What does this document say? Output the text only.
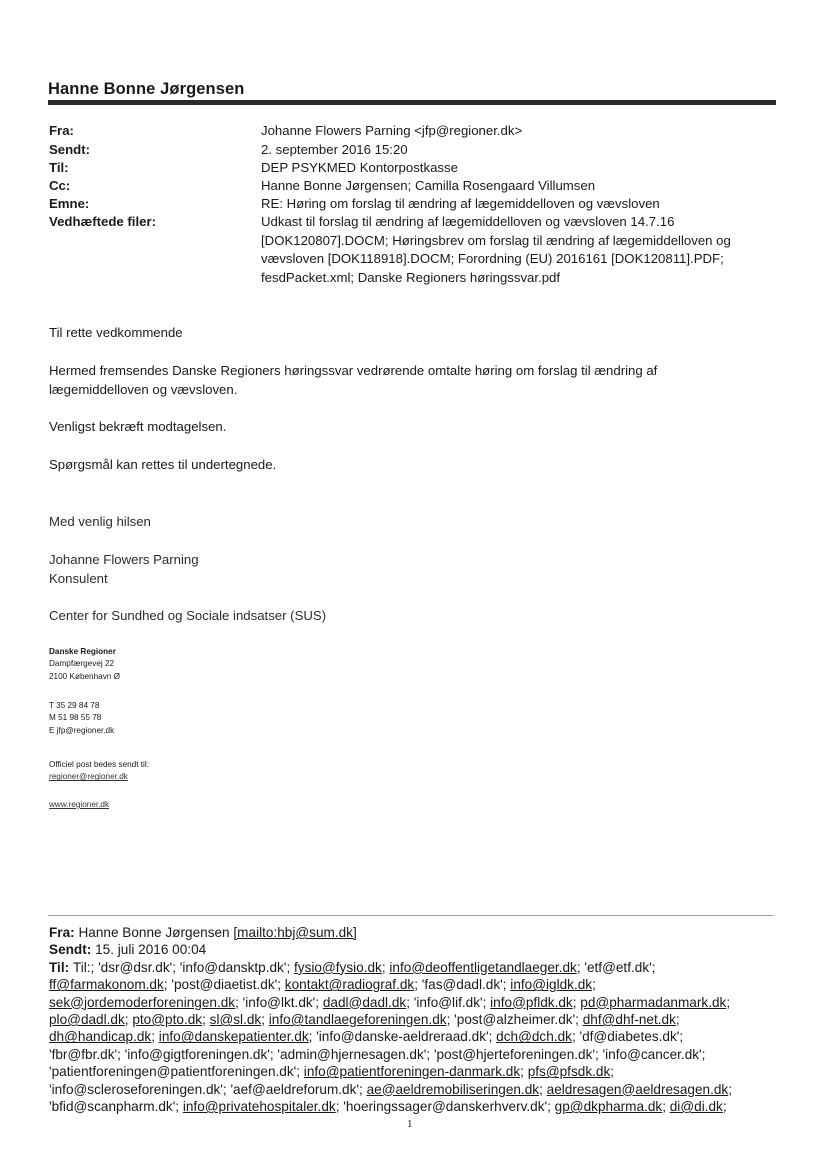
Hanne Bonne Jørgensen
Fra:	Johanne Flowers Parning <jfp@regioner.dk>
Sendt:	2. september 2016 15:20
Til:	DEP PSYKMED Kontorpostkasse
Cc:	Hanne Bonne Jørgensen; Camilla Rosengaard Villumsen
Emne:	RE: Høring om forslag til ændring af lægemiddelloven og vævsloven
Vedhæftede filer:	Udkast til forslag til ændring af lægemiddelloven og vævsloven 14.7.16
[DOK120807].DOCM; Høringsbrev om forslag til ændring af lægemiddelloven og
vævsloven [DOK118918].DOCM; Forordning (EU) 2016161 [DOK120811].PDF;
fesdPacket.xml; Danske Regioners høringssvar.pdf
Til rette vedkommende
Hermed fremsendes Danske Regioners høringssvar vedrørende omtalte høring om forslag til ændring af
lægemiddelloven og vævsloven.
Venligst bekræft modtagelsen.
Spørgsmål kan rettes til undertegnede.
Med venlig hilsen
Johanne Flowers Parning
Konsulent
Center for Sundhed og Sociale indsatser (SUS)
Danske Regioner
Dampfærgevej 22
2100 København Ø
T 35 29 84 78
M 51 98 55 78
E jfp@regioner.dk
Officiel post bedes sendt til:
regioner@regioner.dk
www.regioner.dk
Fra: Hanne Bonne Jørgensen [mailto:hbj@sum.dk]
Sendt: 15. juli 2016 00:04
Til: Til:; 'dsr@dsr.dk'; 'info@dansktp.dk'; fysio@fysio.dk; info@deoffentligetandlaeger.dk; 'etf@etf.dk';
ff@farmakonom.dk; 'post@diaetist.dk'; kontakt@radiograf.dk; 'fas@dadl.dk'; info@igldk.dk;
sek@jordemoderforeningen.dk; 'info@lkt.dk'; dadl@dadl.dk; 'info@lif.dk'; info@pfldk.dk; pd@pharmadanmark.dk;
plo@dadl.dk; pto@pto.dk; sl@sl.dk; info@tandlaegeforeningen.dk; 'post@alzheimer.dk'; dhf@dhf-net.dk;
dh@handicap.dk; info@danskepatienter.dk; 'info@danske-aeldreraad.dk'; dch@dch.dk; 'df@diabetes.dk';
'fbr@fbr.dk'; 'info@gigtforeningen.dk'; 'admin@hjernesagen.dk'; 'post@hjerteforeningen.dk'; 'info@cancer.dk';
'patientforeningen@patientforeningen.dk'; info@patientforeningen-danmark.dk; pfs@pfsdk.dk;
'info@scleroseforeningen.dk'; 'aef@aeldreforum.dk'; ae@aeldremobiliseringen.dk; aeldresagen@aeldresagen.dk;
'bfid@scanpharm.dk'; info@privatehospitaler.dk; 'hoeringssager@danskerhverv.dk'; gp@dkpharma.dk; di@di.dk;
1
